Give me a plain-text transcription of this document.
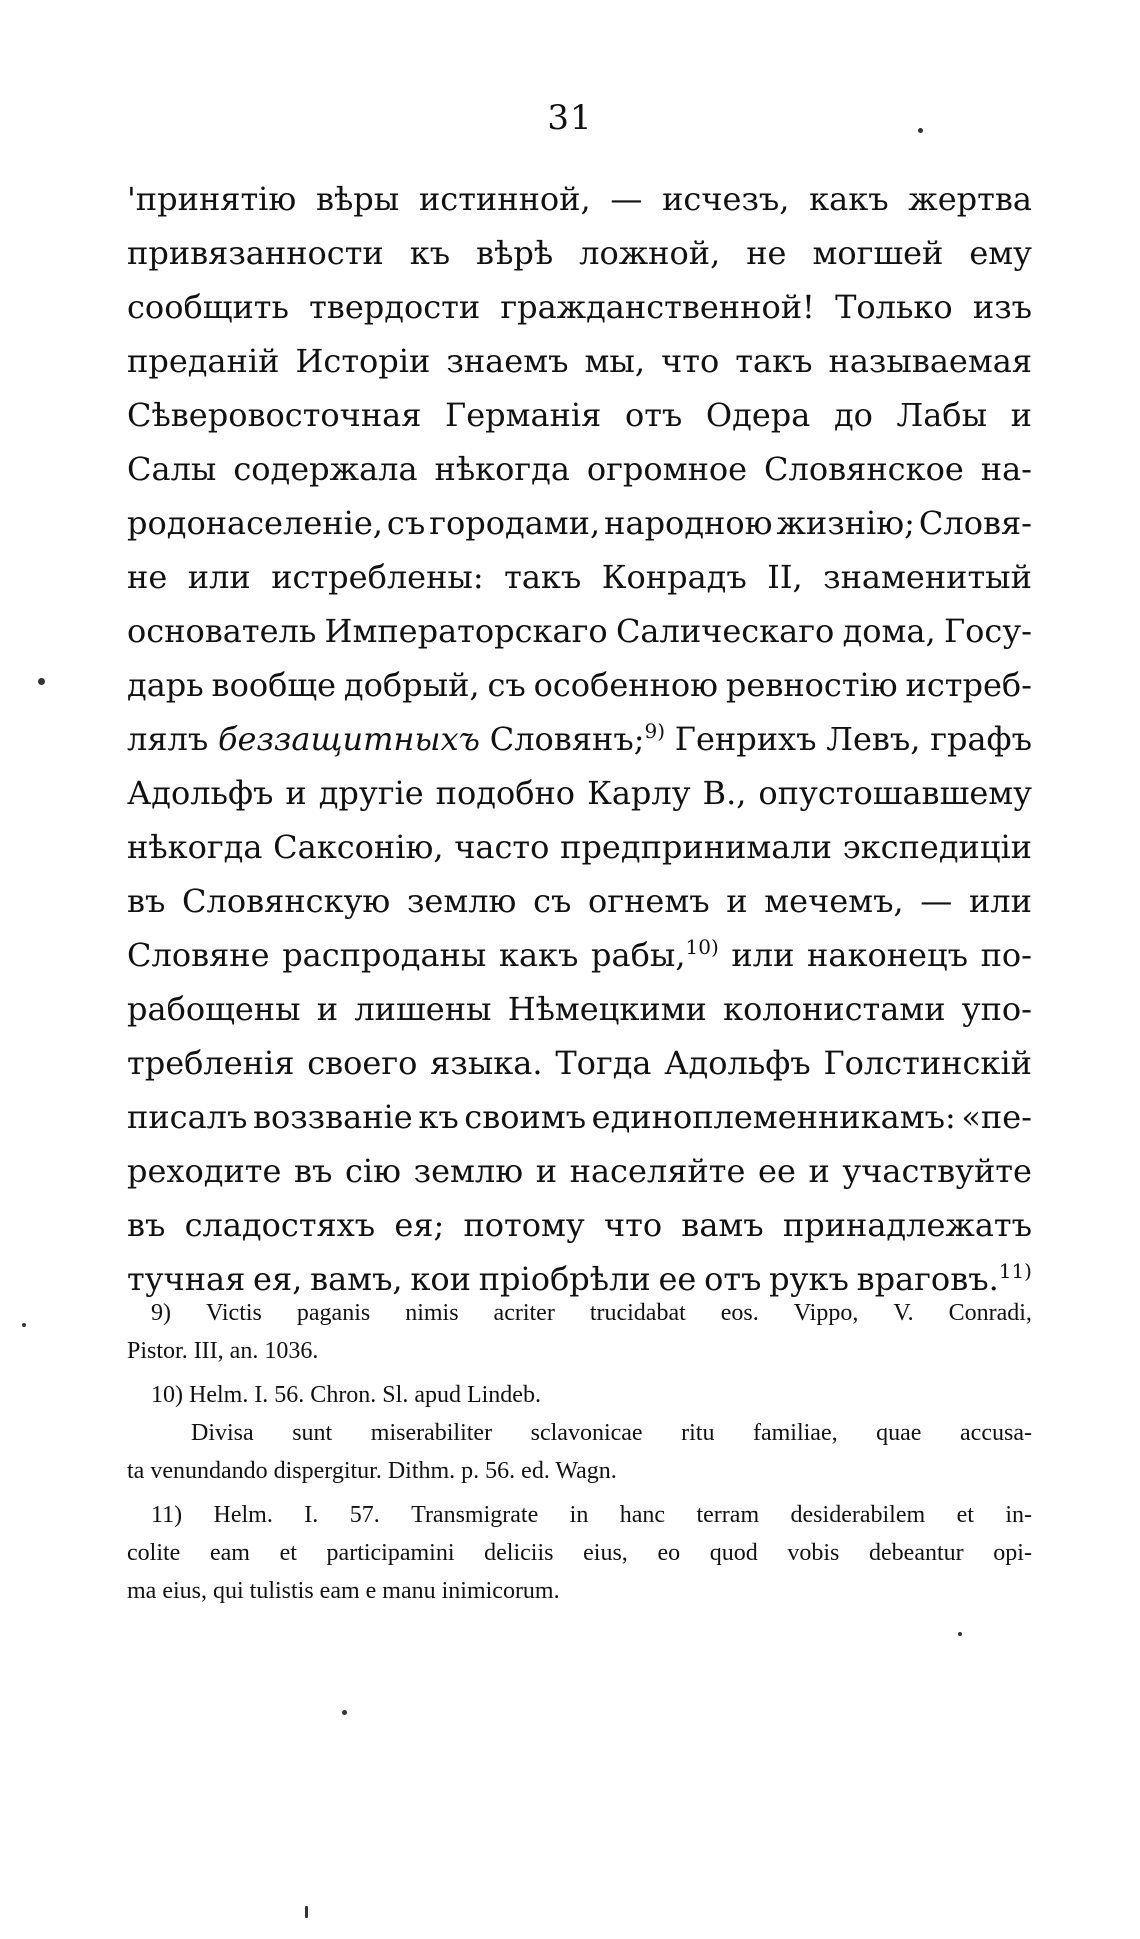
31
'принятію вѣры истинной, — исчезъ, какъ жертва
привязанности къ вѣрѣ ложной, не могшей ему
сообщить твердости гражданственной! Только изъ
преданій Исторіи знаемъ мы, что такъ называемая
Сѣверовосточная Германія отъ Одера до Лабы и
Салы содержала нѣкогда огромное Словянское на-
родонаселеніе, съ городами, народною жизнію; Словя-
не или истреблены: такъ Конрадъ II, знаменитый
основатель Императорскаго Салическаго дома, Госу-
дарь вообще добрый, съ особенною ревностію истреб-
лялъ беззащитныхъ Словянъ;9) Генрихъ Левъ, графъ
Адольфъ и другіе подобно Карлу В., опустошавшему
нѣкогда Саксонію, часто предпринимали экспедиціи
въ Словянскую землю съ огнемъ и мечемъ, — или
Словяне распроданы какъ рабы,10) или наконецъ по-
рабощены и лишены Нѣмецкими колонистами упо-
требленія своего языка. Тогда Адольфъ Голстинскій
писалъ воззваніе къ своимъ единоплеменникамъ: «пе-
реходите въ сію землю и населяйте ее и участвуйте
въ сладостяхъ ея; потому что вамъ принадлежатъ
тучная ея, вамъ, кои пріобрѣли ее отъ рукъ враговъ.11)
9) Victis paganis nimis acriter trucidabat eos. Vippo, V. Conradi,
Pistor. III, an. 1036.
10) Helm. I. 56. Chron. Sl. apud Lindeb.
Divisa sunt miserabiliter sclavonicae ritu familiae, quae accusa-
ta venundando dispergitur. Dithm. p. 56. ed. Wagn.
11) Helm. I. 57. Transmigrate in hanc terram desiderabilem et in-
colite eam et participamini deliciis eius, eo quod vobis debeantur opi-
ma eius, qui tulistis eam e manu inimicorum.
